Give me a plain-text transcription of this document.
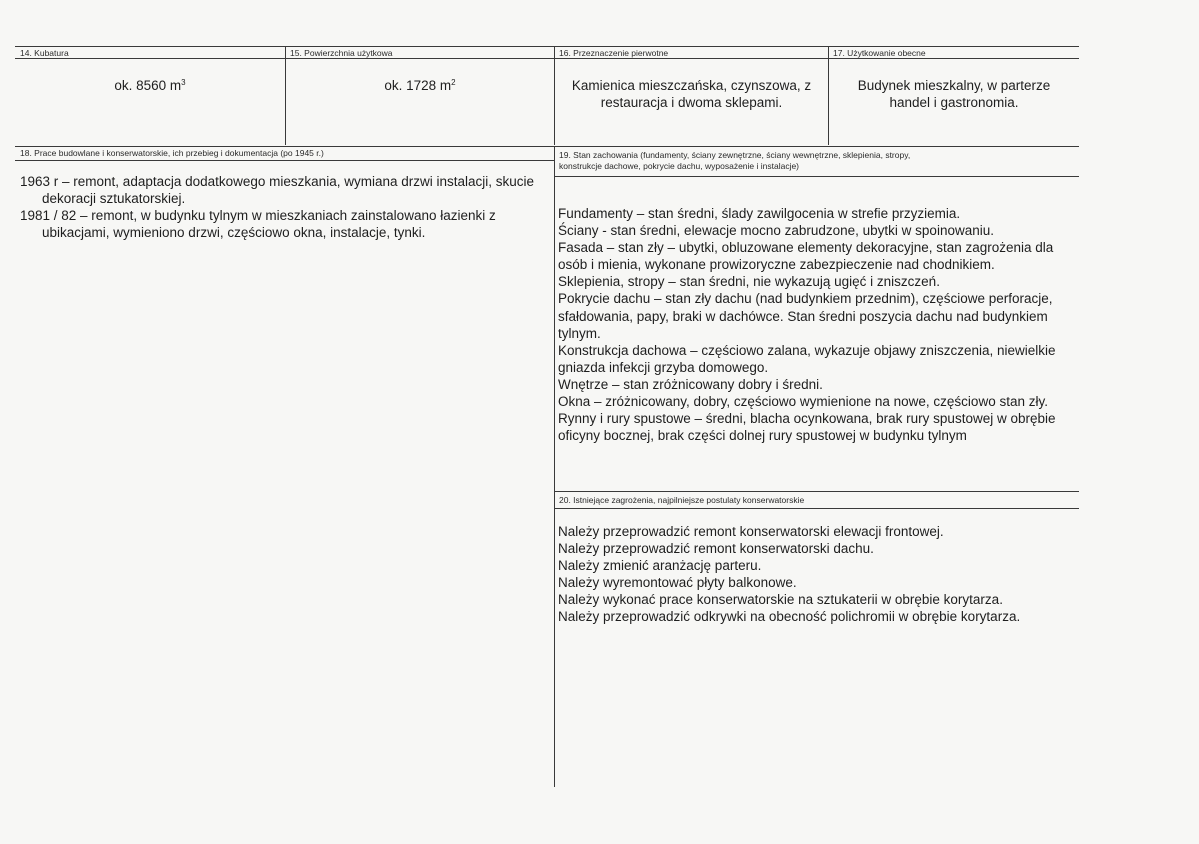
14. Kubatura
ok. 8560 $m^3$
15. Powierzchnia użytkowa
ok. 1728 $m^2$
16. Przeznaczenie pierwotne
Kamienica mieszczańska, czynszowa, z
restauracja i dwoma sklepami.
17. Użytkowanie obecne
Budynek mieszkalny, w parterze
handel i gastronomia.
18. Prace budowlane i konserwatorskie, ich przebieg i dokumentacja (po 1945 r.)
1963 r – remont, adaptacja dodatkowego mieszkania, wymiana drzwi instalacji, skucie dekoracji sztukatorskiej.
1981 / 82 – remont, w budynku tylnym w mieszkaniach zainstalowano łazienki z ubikacjami, wymieniono drzwi, częściowo okna, instalacje, tynki.
19. Stan zachowania (fundamenty, ściany zewnętrzne, ściany wewnętrzne, sklepienia, stropy,
konstrukcje dachowe, pokrycie dachu, wyposażenie i instalacje)
Fundamenty – stan średni, ślady zawilgocenia w strefie przyziemia.
Ściany - stan średni, elewacje mocno zabrudzone, ubytki w spoinowaniu.
Fasada – stan zły – ubytki, obluzowane elementy dekoracyjne, stan zagrożenia dla osób i mienia, wykonane prowizoryczne zabezpieczenie nad chodnikiem.
Sklepienia, stropy – stan średni, nie wykazują ugięć i zniszczeń.
Pokrycie dachu – stan zły dachu (nad budynkiem przednim), częściowe perforacje, sfałdowania, papy, braki w dachówce. Stan średni poszycia dachu nad budynkiem tylnym.
Konstrukcja dachowa – częściowo zalana, wykazuje objawy zniszczenia, niewielkie gniazda infekcji grzyba domowego.
Wnętrze – stan zróżnicowany dobry i średni.
Okna – zróżnicowany, dobry, częściowo wymienione na nowe, częściowo stan zły.
Rynny i rury spustowe – średni, blacha ocynkowana, brak rury spustowej w obrębie oficyny bocznej, brak części dolnej rury spustowej w budynku tylnym
20. Istniejące zagrożenia, najpilniejsze postulaty konserwatorskie
Należy przeprowadzić remont konserwatorski elewacji frontowej.
Należy przeprowadzić remont konserwatorski dachu.
Należy zmienić aranżację parteru.
Należy wyremontować płyty balkonowe.
Należy wykonać prace konserwatorskie na sztukaterii w obrębie korytarza.
Należy przeprowadzić odkrywki na obecność polichromii w obrębie korytarza.
